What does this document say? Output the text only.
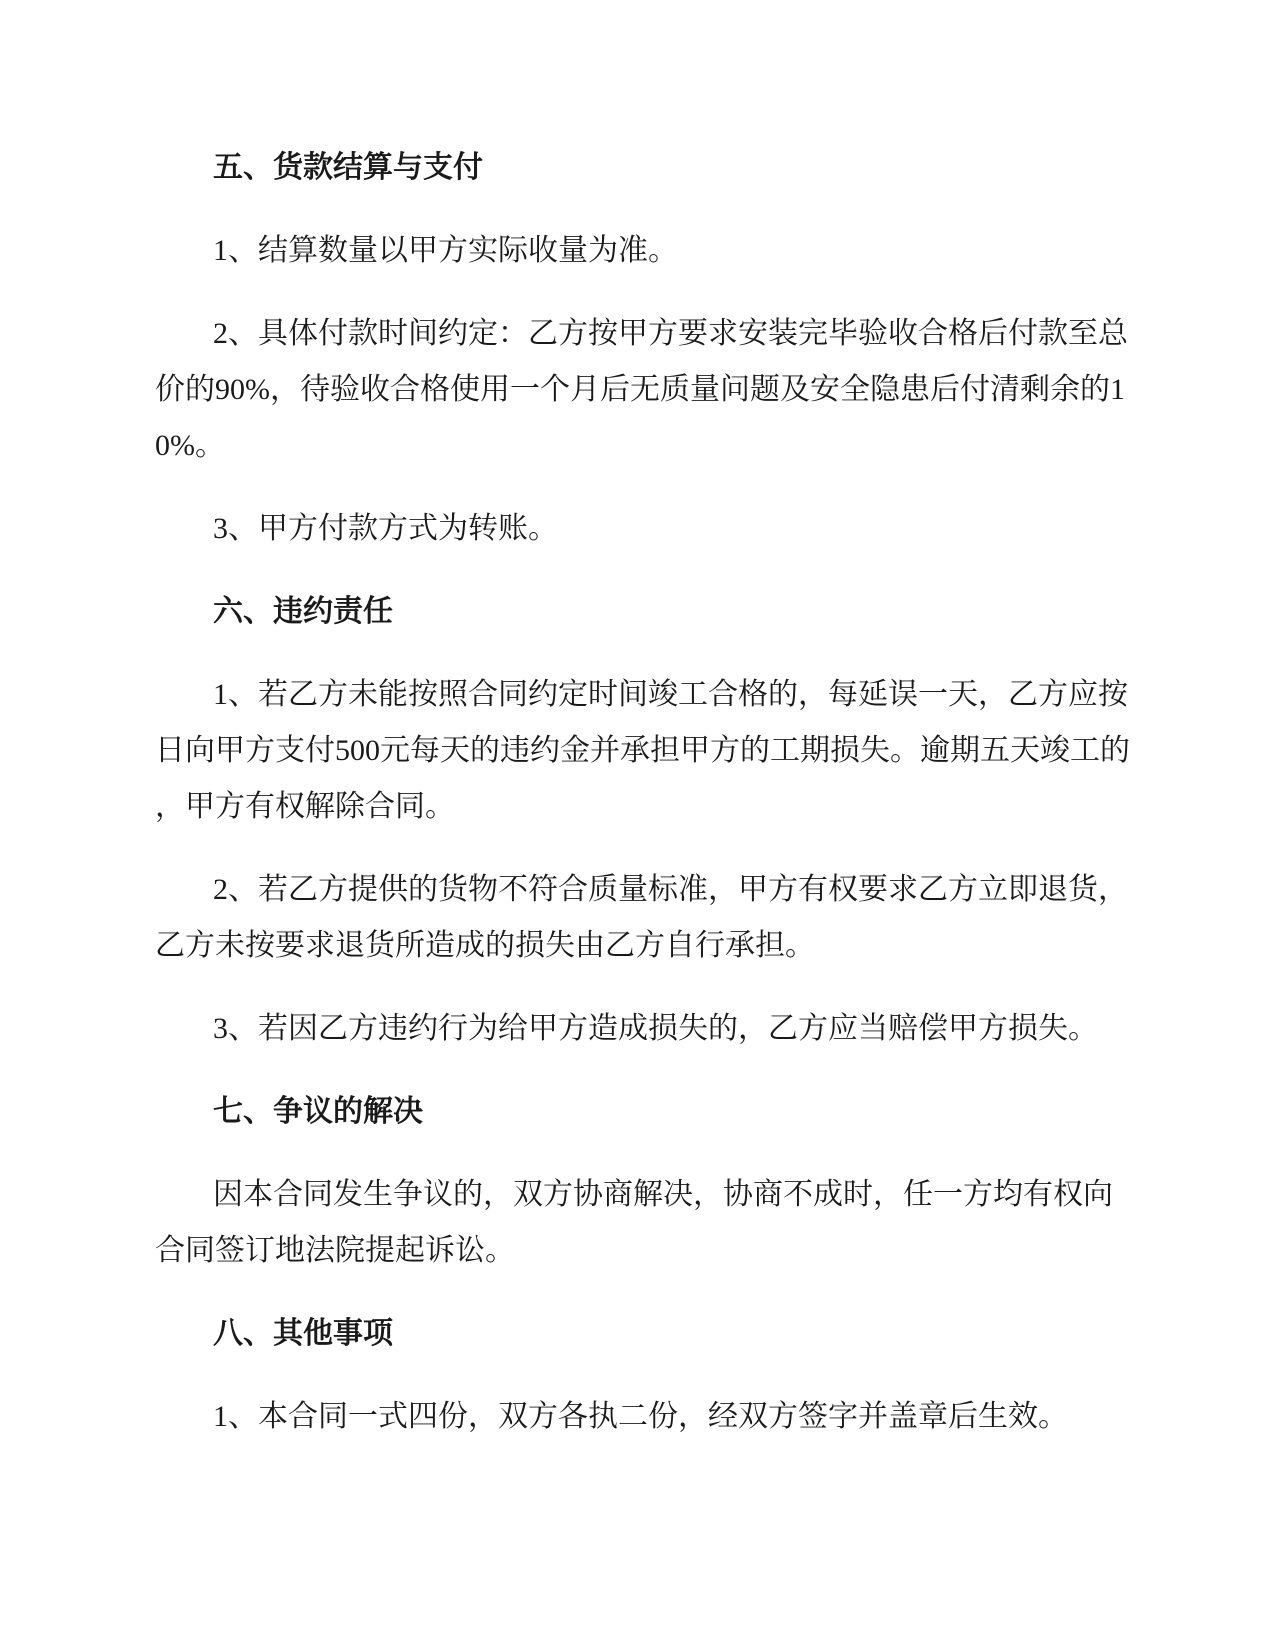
五、货款结算与支付
1、结算数量以甲方实际收量为准。
2、具体付款时间约定：乙方按甲方要求安装完毕验收合格后付款至总
价的90%，待验收合格使用一个月后无质量问题及安全隐患后付清剩余的1
0%。
3、甲方付款方式为转账。
六、违约责任
1、若乙方未能按照合同约定时间竣工合格的，每延误一天，乙方应按
日向甲方支付500元每天的违约金并承担甲方的工期损失。逾期五天竣工的
，甲方有权解除合同。
2、若乙方提供的货物不符合质量标准，甲方有权要求乙方立即退货，
乙方未按要求退货所造成的损失由乙方自行承担。
3、若因乙方违约行为给甲方造成损失的，乙方应当赔偿甲方损失。
七、争议的解决
因本合同发生争议的，双方协商解决，协商不成时，任一方均有权向
合同签订地法院提起诉讼。
八、其他事项
1、本合同一式四份，双方各执二份，经双方签字并盖章后生效。
